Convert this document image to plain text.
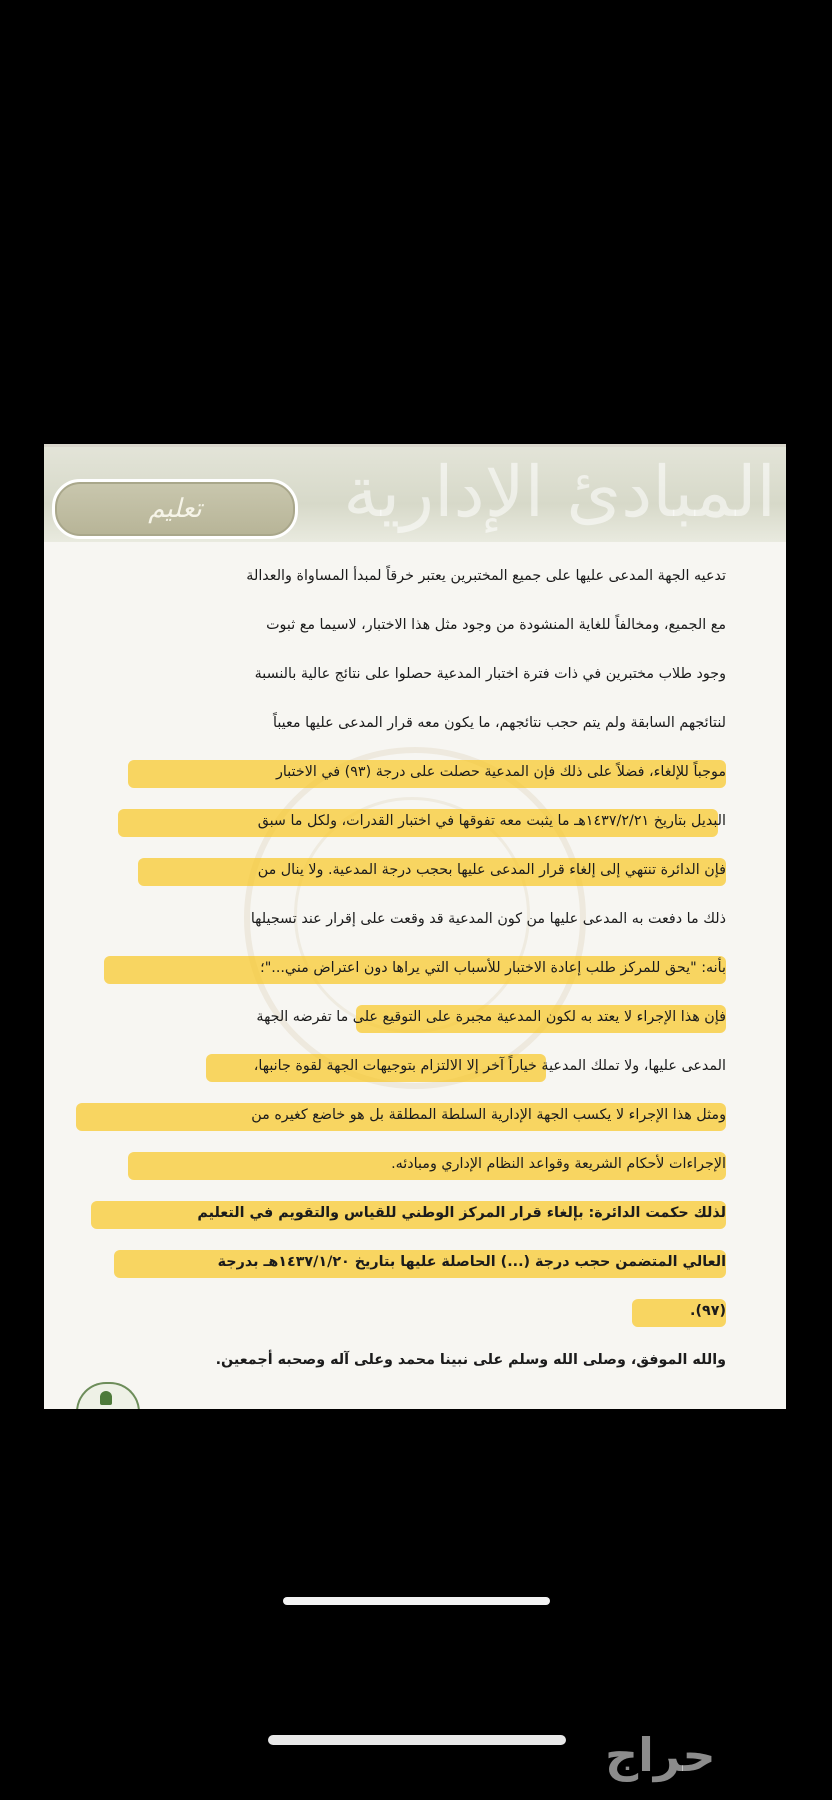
المبادئ الإدارية
تعليم
تدعيه الجهة المدعى عليها على جميع المختبرين يعتبر خرقاً لمبدأ المساواة والعدالة
مع الجميع، ومخالفاً للغاية المنشودة من وجود مثل هذا الاختبار، لاسيما مع ثبوت
وجود طلاب مختبرين في ذات فترة اختبار المدعية حصلوا على نتائج عالية بالنسبة
لنتائجهم السابقة ولم يتم حجب نتائجهم، ما يكون معه قرار المدعى عليها معيباً
موجباً للإلغاء، فضلاً على ذلك فإن المدعية حصلت على درجة (٩٣) في الاختبار
البديل بتاريخ ١٤٣٧/٢/٢١هـ ما يثبت معه تفوقها في اختبار القدرات، ولكل ما سبق
فإن الدائرة تنتهي إلى إلغاء قرار المدعى عليها بحجب درجة المدعية. ولا ينال من
ذلك ما دفعت به المدعى عليها من كون المدعية قد وقعت على إقرار عند تسجيلها
بأنه: "يحق للمركز طلب إعادة الاختبار للأسباب التي يراها دون اعتراض مني..."؛
فإن هذا الإجراء لا يعتد به لكون المدعية مجبرة على التوقيع على ما تفرضه الجهة
المدعى عليها، ولا تملك المدعية خياراً آخر إلا الالتزام بتوجيهات الجهة لقوة جانبها،
ومثل هذا الإجراء لا يكسب الجهة الإدارية السلطة المطلقة بل هو خاضع كغيره من
الإجراءات لأحكام الشريعة وقواعد النظام الإداري ومبادئه.
لذلك حكمت الدائرة: بإلغاء قرار المركز الوطني للقياس والتقويم في التعليم
العالي المتضمن حجب درجة (...) الحاصلة عليها بتاريخ ١٤٣٧/١/٢٠هـ بدرجة
(٩٧).
والله الموفق، وصلى الله وسلم على نبينا محمد وعلى آله وصحبه أجمعين.
حراج
